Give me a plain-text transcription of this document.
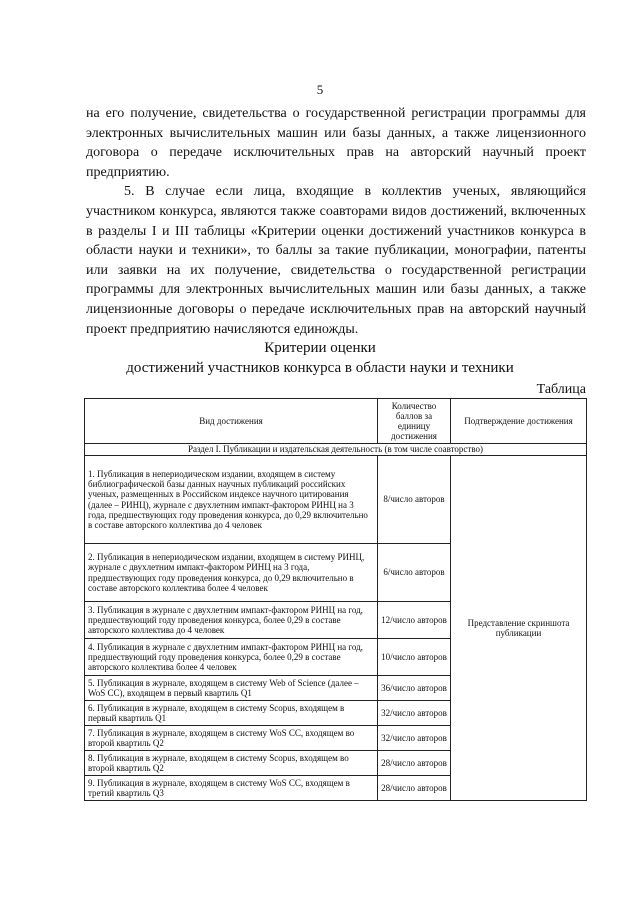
5

на его получение, свидетельства о государственной регистрации программы для электронных вычислительных машин или базы данных, а также лицензионного договора о передаче исключительных прав на авторский научный проект предприятию.

5. В случае если лица, входящие в коллектив ученых, являющийся участником конкурса, являются также соавторами видов достижений, включенных в разделы I и III таблицы «Критерии оценки достижений участников конкурса в области науки и техники», то баллы за такие публикации, монографии, патенты или заявки на их получение, свидетельства о государственной регистрации программы для электронных вычислительных машин или базы данных, а также лицензионные договоры о передаче исключительных прав на авторский научный проект предприятию начисляются единожды.

Критерии оценки
достижений участников конкурса в области науки и техники
Таблица
Вид достижения	Количество баллов за единицу достижения	Подтверждение достижения
Раздел I. Публикации и издательская деятельность (в том числе соавторство)		
1. Публикация в непериодическом издании, входящем в систему библиографической базы данных научных публикаций российских ученых, размещенных в Российском индексе научного цитирования (далее – РИНЦ), журнале с двухлетним импакт-фактором РИНЦ на 3 года, предшествующих году проведения конкурса, до 0,29 включительно в составе авторского коллектива до 4 человек	8/число авторов	Представление скриншота публикации
2. Публикация в непериодическом издании, входящем в систему РИНЦ, журнале с двухлетним импакт-фактором РИНЦ на 3 года, предшествующих году проведения конкурса, до 0,29 включительно в составе авторского коллектива более 4 человек	6/число авторов	
3. Публикация в журнале с двухлетним импакт-фактором РИНЦ на год, предшествующий году проведения конкурса, более 0,29 в составе авторского коллектива до 4 человек	12/число авторов	
4. Публикация в журнале с двухлетним импакт-фактором РИНЦ на год, предшествующий году проведения конкурса, более 0,29 в составе авторского коллектива более 4 человек	10/число авторов	
5. Публикация в журнале, входящем в систему Web of Science (далее – WoS CC), входящем в первый квартиль Q1	36/число авторов	
6. Публикация в журнале, входящем в систему Scopus, входящем в первый квартиль Q1	32/число авторов	
7. Публикация в журнале, входящем в систему WoS CC, входящем во второй квартиль Q2	32/число авторов	
8. Публикация в журнале, входящем в систему Scopus, входящем во второй квартиль Q2	28/число авторов	
9. Публикация в журнале, входящем в систему WoS CC, входящем в третий квартиль Q3	28/число авторов	
